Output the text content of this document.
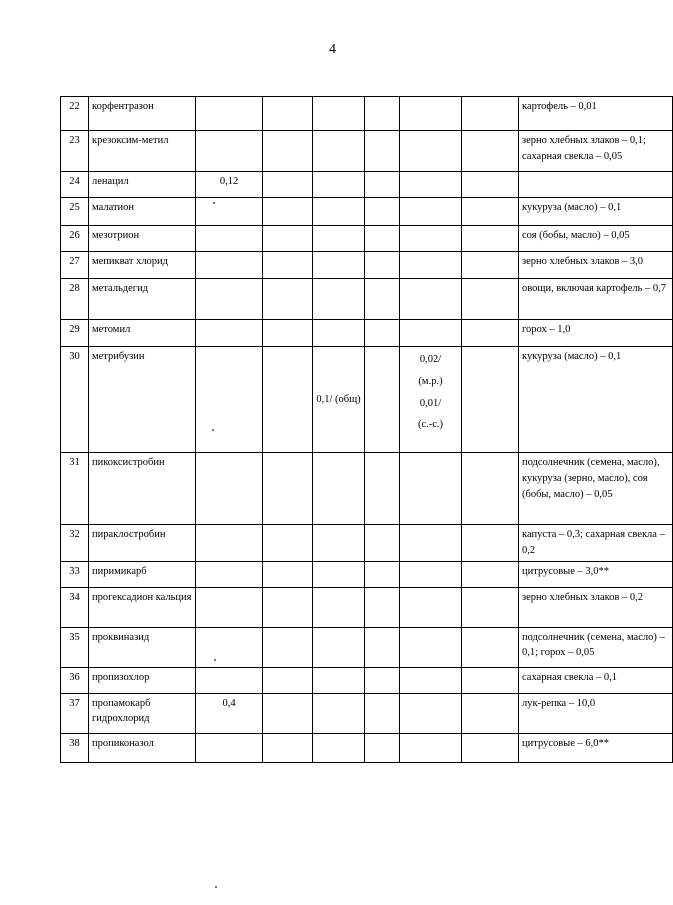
4
22	корфентразон							картофель – 0,01
23	крезоксим-метил							зерно хлебных злаков – 0,1; сахарная свекла – 0,05
24	ленацил	0,12						
25	малатион							кукуруза (масло) – 0,1
26	мезотрион							соя (бобы, масло) – 0,05
27	мепикват хлорид							зерно хлебных злаков – 3,0
28	метальдегид							овощи, включая картофель – 0,7
29	метомил							горох – 1,0
30	метрибузин			0,1/ (общ)		0,02/
(м.р.)
0,01/
(с.-с.)		кукуруза (масло) – 0,1
31	пикоксистробин							подсолнечник (семена, масло), кукуруза (зерно, масло), соя (бобы, масло) – 0,05
32	пираклостробин							капуста – 0,3; сахарная свекла – 0,2
33	пиримикарб							цитрусовые – 3,0**
34	прогексадион кальция							зерно хлебных злаков – 0,2
35	проквиназид							подсолнечник (семена, масло) – 0,1; горох – 0,05
36	пропизохлор							сахарная свекла – 0,1
37	пропамокарб гидрохлорид	0,4						лук-репка – 10,0
38	пропиконазол							цитрусовые – 6,0**
